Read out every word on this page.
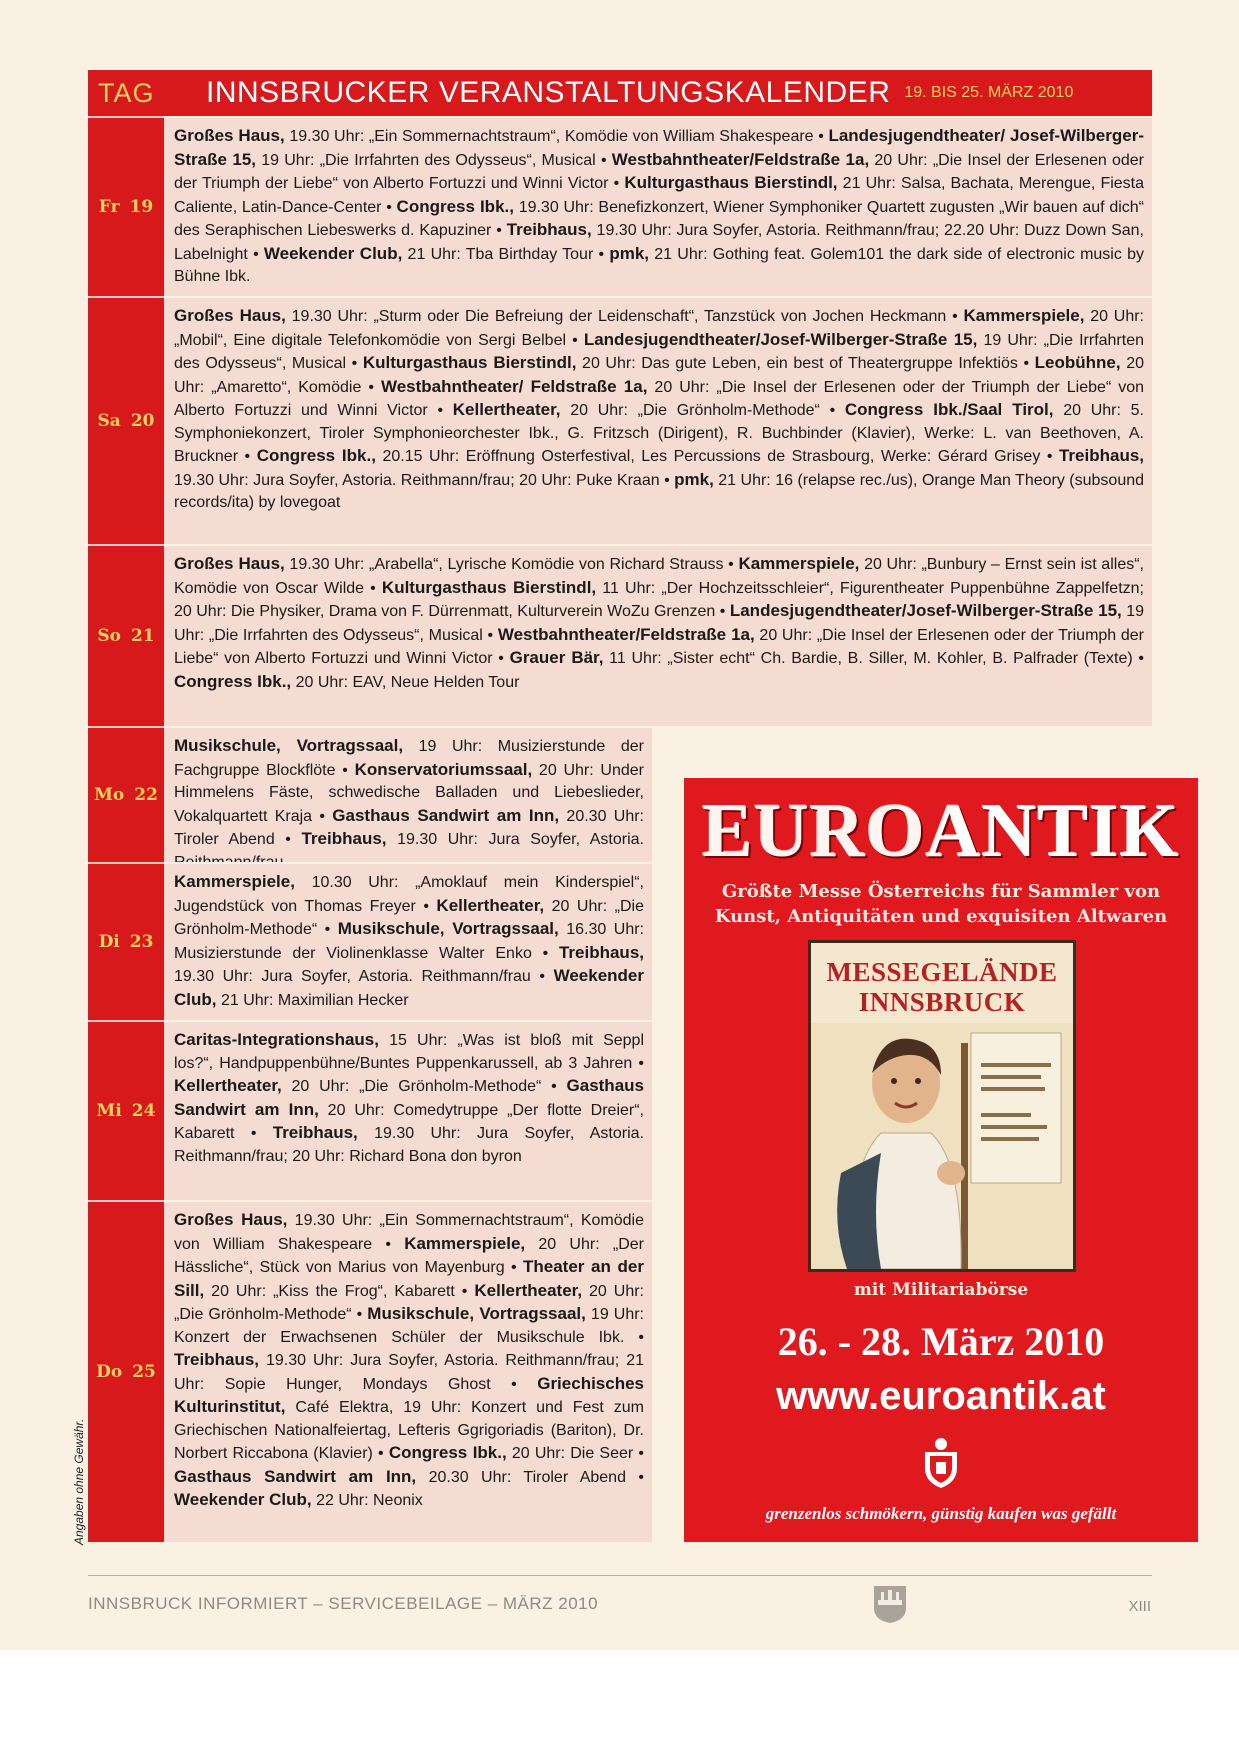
TAG	INNSBRUCKER VERANSTALTUNGSKALENDER 19. BIS 25. MÄRZ 2010
Fr 19
Großes Haus, 19.30 Uhr: „Ein Sommernachtstraum“, Komödie von William Shakespeare • Landesjugendtheater/ Josef-Wilberger-Straße 15, 19 Uhr: „Die Irrfahrten des Odysseus“, Musical • Westbahntheater/Feldstraße 1a, 20 Uhr: „Die Insel der Erlesenen oder der Triumph der Liebe“ von Alberto Fortuzzi und Winni Victor • Kulturgasthaus Bierstindl, 21 Uhr: Salsa, Bachata, Merengue, Fiesta Caliente, Latin-Dance-Center • Congress Ibk., 19.30 Uhr: Benefizkonzert, Wiener Symphoniker Quartett zugusten „Wir bauen auf dich“ des Seraphischen Liebeswerks d. Kapuziner • Treibhaus, 19.30 Uhr: Jura Soyfer, Astoria. Reithmann/frau; 22.20 Uhr: Duzz Down San, Labelnight • Weekender Club, 21 Uhr: Tba Birthday Tour • pmk, 21 Uhr: Gothing feat. Golem101 the dark side of electronic music by Bühne Ibk.
Sa 20
Großes Haus, 19.30 Uhr: „Sturm oder Die Befreiung der Leidenschaft“, Tanzstück von Jochen Heckmann • Kammerspiele, 20 Uhr: „Mobil“, Eine digitale Telefonkomödie von Sergi Belbel • Landesjugendtheater/Josef-Wilberger-Straße 15, 19 Uhr: „Die Irrfahrten des Odysseus“, Musical • Kulturgasthaus Bierstindl, 20 Uhr: Das gute Leben, ein best of Theatergruppe Infektiös • Leobühne, 20 Uhr: „Amaretto“, Komödie • Westbahntheater/ Feldstraße 1a, 20 Uhr: „Die Insel der Erlesenen oder der Triumph der Liebe“ von Alberto Fortuzzi und Winni Victor • Kellertheater, 20 Uhr: „Die Grönholm-Methode“ • Congress Ibk./Saal Tirol, 20 Uhr: 5. Symphoniekonzert, Tiroler Symphonieorchester Ibk., G. Fritzsch (Dirigent), R. Buchbinder (Klavier), Werke: L. van Beethoven, A. Bruckner • Congress Ibk., 20.15 Uhr: Eröffnung Osterfestival, Les Percussions de Strasbourg, Werke: Gérard Grisey • Treibhaus, 19.30 Uhr: Jura Soyfer, Astoria. Reithmann/frau; 20 Uhr: Puke Kraan • pmk, 21 Uhr: 16 (relapse rec./us), Orange Man Theory (subsound records/ita) by lovegoat
So 21
Großes Haus, 19.30 Uhr: „Arabella“, Lyrische Komödie von Richard Strauss • Kammerspiele, 20 Uhr: „Bunbury – Ernst sein ist alles“, Komödie von Oscar Wilde • Kulturgasthaus Bierstindl, 11 Uhr: „Der Hochzeitsschleier“, Figurentheater Puppenbühne Zappelfetzn; 20 Uhr: Die Physiker, Drama von F. Dürrenmatt, Kulturverein WoZu Grenzen • Landesjugendtheater/Josef-Wilberger-Straße 15, 19 Uhr: „Die Irrfahrten des Odysseus“, Musical • Westbahntheater/Feldstraße 1a, 20 Uhr: „Die Insel der Erlesenen oder der Triumph der Liebe“ von Alberto Fortuzzi und Winni Victor • Grauer Bär, 11 Uhr: „Sister echt“ Ch. Bardie, B. Siller, M. Kohler, B. Palfrader (Texte) • Congress Ibk., 20 Uhr: EAV, Neue Helden Tour
Mo 22
Musikschule, Vortragssaal, 19 Uhr: Musizierstunde der Fachgruppe Blockflöte • Konservatoriumssaal, 20 Uhr: Under Himmelens Fäste, schwedische Balladen und Liebeslieder, Vokalquartett Kraja • Gasthaus Sandwirt am Inn, 20.30 Uhr: Tiroler Abend • Treibhaus, 19.30 Uhr: Jura Soyfer, Astoria.
Di 23
Kammerspiele, 10.30 Uhr: „Amoklauf mein Kinderspiel“, Jugendstück von Thomas Freyer • Kellertheater, 20 Uhr: „Die Grönholm-Methode“ • Musikschule, Vortragssaal, 16.30 Uhr: Musizierstunde der Violinenklasse Walter Enko • Treibhaus, 19.30 Uhr: Jura Soyfer, Astoria. Reithmann/frau • Weekender Club, 21 Uhr: Maximilian Hecker
Mi 24
Caritas-Integrationshaus, 15 Uhr: „Was ist bloß mit Seppl los?“, Handpuppenbühne/Buntes Puppenkarussell, ab 3 Jahren • Kellertheater, 20 Uhr: „Die Grönholm-Methode“ • Gasthaus Sandwirt am Inn, 20 Uhr: Comedytruppe „Der flotte Dreier“, Kabarett • Treibhaus, 19.30 Uhr: Jura Soyfer, Astoria. Reithmann/frau; 20 Uhr: Richard Bona don byron
Do 25
Großes Haus, 19.30 Uhr: „Ein Sommernachtstraum“, Komödie von William Shakespeare • Kammerspiele, 20 Uhr: „Der Hässliche“, Stück von Marius von Mayenburg • Theater an der Sill, 20 Uhr: „Kiss the Frog“, Kabarett • Kellertheater, 20 Uhr: „Die Grönholm-Methode“ • Musikschule, Vortragssaal, 19 Uhr: Konzert der Erwachsenen Schüler der Musikschule Ibk. • Treibhaus, 19.30 Uhr: Jura Soyfer, Astoria. Reithmann/frau; 21 Uhr: Sopie Hunger, Mondays Ghost • Griechisches Kulturinstitut, Café Elektra, 19 Uhr: Konzert und Fest zum Griechischen Nationalfeiertag, Lefteris Ggrigoriadis (Bariton), Dr. Norbert Riccabona (Klavier) • Congress Ibk., 20 Uhr: Die Seer • Gasthaus Sandwirt am Inn, 20.30 Uhr: Tiroler Abend • Weekender Club, 22 Uhr: Neonix
EUROANTIK
Größte Messe Österreichs für Sammler von
Kunst, Antiquitäten und exquisiten Altwaren
MESSEGELÄNDE
INNSBRUCK
mit Militariabörse
26. - 28. März 2010
www.euroantik.at
grenzenlos schmökern, günstig kaufen was gefällt
Angaben ohne Gewähr.
INNSBRUCK INFORMIERT – SERVICEBEILAGE – MÄRZ 2010	XIII
